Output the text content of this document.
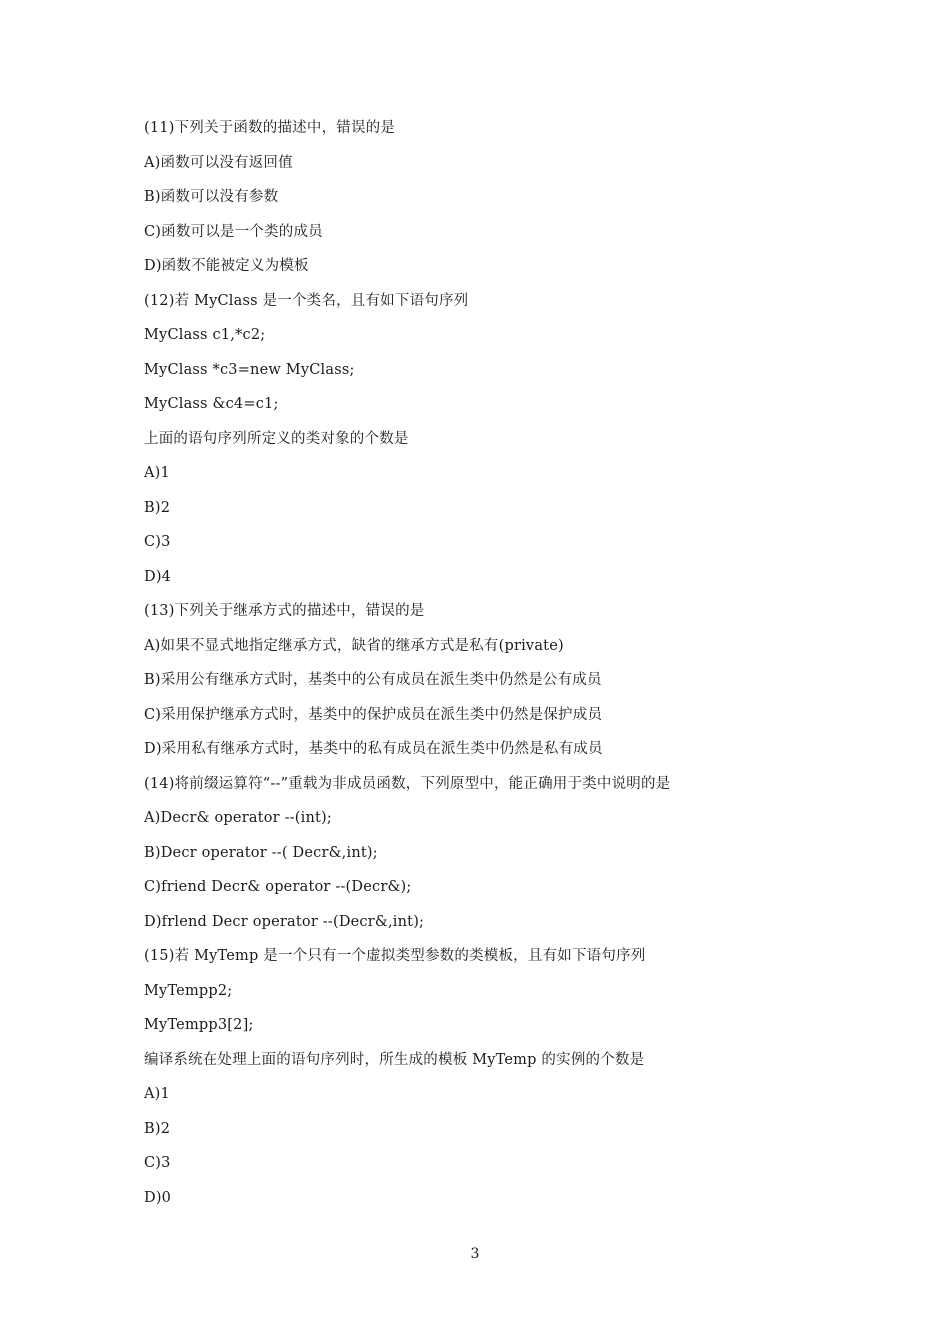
(11)下列关于函数的描述中，错误的是
A)函数可以没有返回值
B)函数可以没有参数
C)函数可以是一个类的成员
D)函数不能被定义为模板
(12)若 MyClass 是一个类名，且有如下语句序列
MyClass c1,*c2;
MyClass *c3=new MyClass;
MyClass &c4=c1;
上面的语句序列所定义的类对象的个数是
A)1
B)2
C)3
D)4
(13)下列关于继承方式的描述中，错误的是
A)如果不显式地指定继承方式，缺省的继承方式是私有(private)
B)采用公有继承方式时，基类中的公有成员在派生类中仍然是公有成员
C)采用保护继承方式时，基类中的保护成员在派生类中仍然是保护成员
D)采用私有继承方式时，基类中的私有成员在派生类中仍然是私有成员
(14)将前缀运算符“--”重载为非成员函数，下列原型中，能正确用于类中说明的是
A)Decr& operator --(int);
B)Decr operator --( Decr&,int);
C)friend Decr& operator --(Decr&);
D)frlend Decr operator --(Decr&,int);
(15)若 MyTemp 是一个只有一个虚拟类型参数的类模板，且有如下语句序列
MyTempp2;
MyTempp3[2];
编译系统在处理上面的语句序列时，所生成的模板 MyTemp 的实例的个数是
A)1
B)2
C)3
D)0
3
